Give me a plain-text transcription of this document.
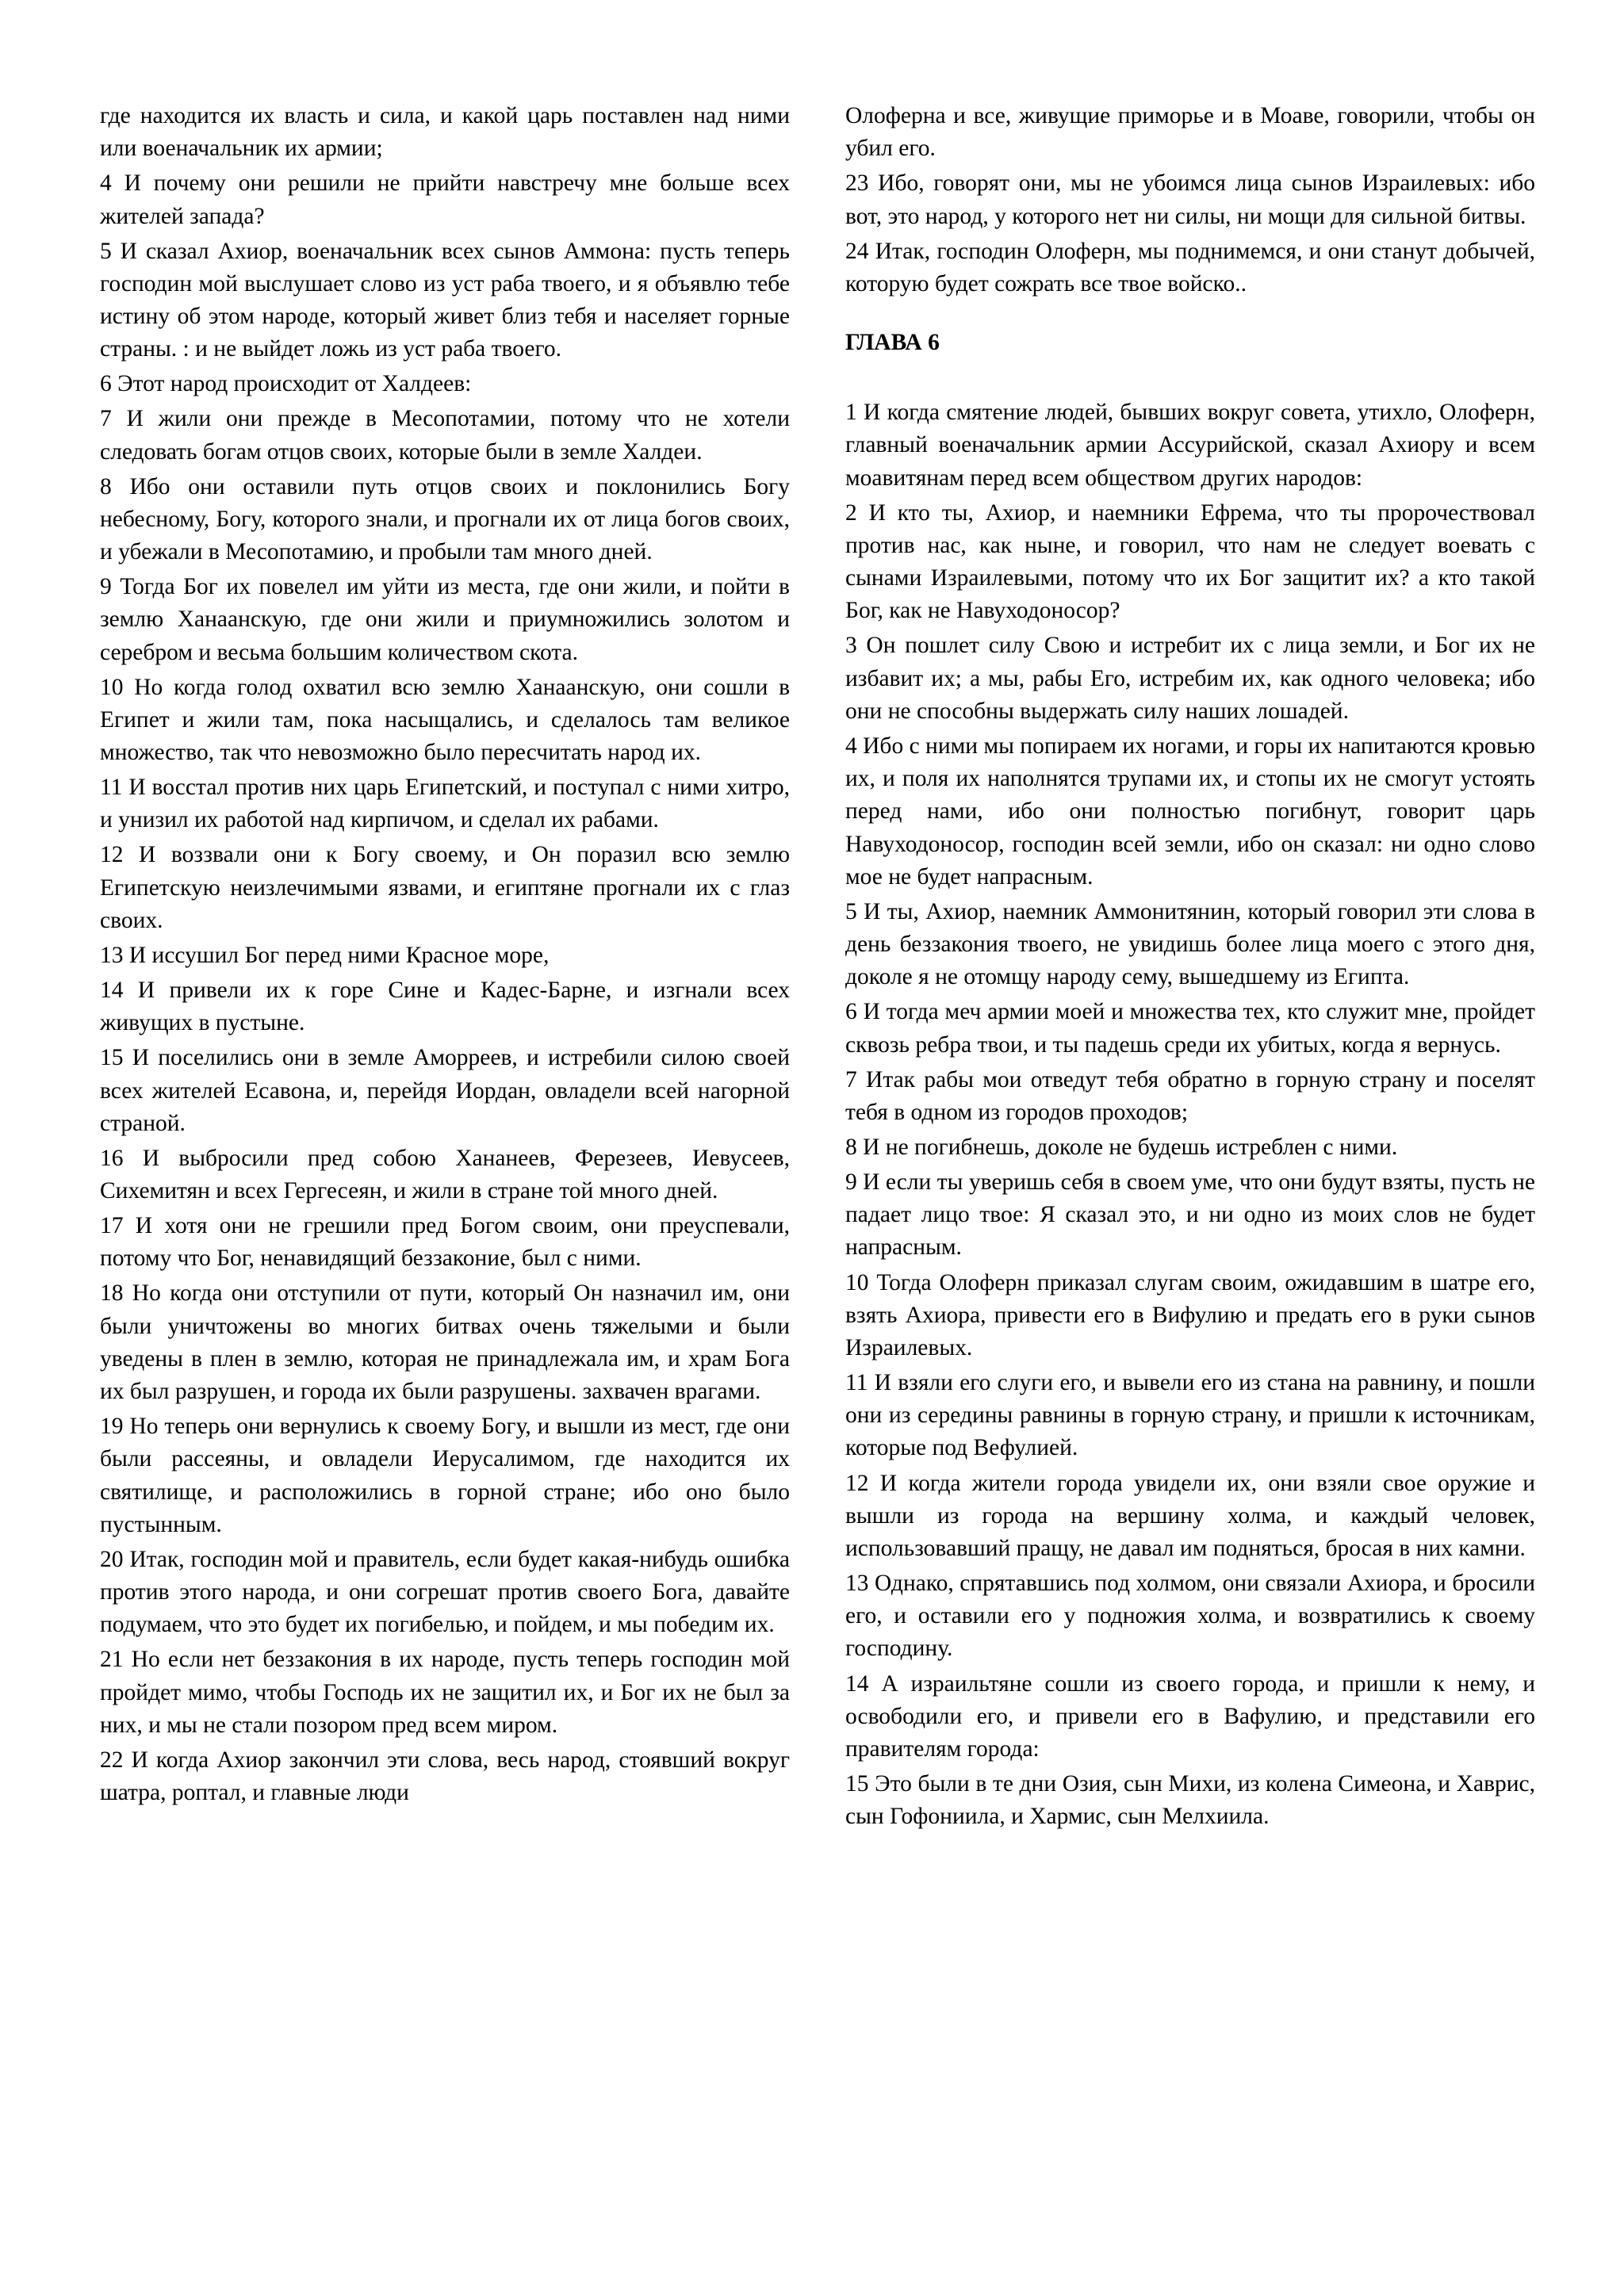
где находится их власть и сила, и какой царь поставлен над ними или военачальник их армии;

4 И почему они решили не прийти навстречу мне больше всех жителей запада?

5 И сказал Ахиор, военачальник всех сынов Аммона: пусть теперь господин мой выслушает слово из уст раба твоего, и я объявлю тебе истину об этом народе, который живет близ тебя и населяет горные страны. : и не выйдет ложь из уст раба твоего.

6 Этот народ происходит от Халдеев:

7 И жили они прежде в Месопотамии, потому что не хотели следовать богам отцов своих, которые были в земле Халдеи.

8 Ибо они оставили путь отцов своих и поклонились Богу небесному, Богу, которого знали, и прогнали их от лица богов своих, и убежали в Месопотамию, и пробыли там много дней.

9 Тогда Бог их повелел им уйти из места, где они жили, и пойти в землю Ханаанскую, где они жили и приумножились золотом и серебром и весьма большим количеством скота.

10 Но когда голод охватил всю землю Ханаанскую, они сошли в Египет и жили там, пока насыщались, и сделалось там великое множество, так что невозможно было пересчитать народ их.

11 И восстал против них царь Египетский, и поступал с ними хитро, и унизил их работой над кирпичом, и сделал их рабами.

12 И воззвали они к Богу своему, и Он поразил всю землю Египетскую неизлечимыми язвами, и египтяне прогнали их с глаз своих.

13 И иссушил Бог перед ними Красное море,

14 И привели их к горе Сине и Кадес-Барне, и изгнали всех живущих в пустыне.

15 И поселились они в земле Аморреев, и истребили силою своей всех жителей Есавона, и, перейдя Иордан, овладели всей нагорной страной.

16 И выбросили пред собою Хананеев, Ферезеев, Иевусеев, Сихемитян и всех Гергесеян, и жили в стране той много дней.

17 И хотя они не грешили пред Богом своим, они преуспевали, потому что Бог, ненавидящий беззаконие, был с ними.

18 Но когда они отступили от пути, который Он назначил им, они были уничтожены во многих битвах очень тяжелыми и были уведены в плен в землю, которая не принадлежала им, и храм Бога их был разрушен, и города их были разрушены. захвачен врагами.

19 Но теперь они вернулись к своему Богу, и вышли из мест, где они были рассеяны, и овладели Иерусалимом, где находится их святилище, и расположились в горной стране; ибо оно было пустынным.

20 Итак, господин мой и правитель, если будет какая-нибудь ошибка против этого народа, и они согрешат против своего Бога, давайте подумаем, что это будет их погибелью, и пойдем, и мы победим их.

21 Но если нет беззакония в их народе, пусть теперь господин мой пройдет мимо, чтобы Господь их не защитил их, и Бог их не был за них, и мы не стали позором пред всем миром.

22 И когда Ахиор закончил эти слова, весь народ, стоявший вокруг шатра, роптал, и главные люди

Олоферна и все, живущие приморье и в Моаве, говорили, чтобы он убил его.

23 Ибо, говорят они, мы не убоимся лица сынов Израилевых: ибо вот, это народ, у которого нет ни силы, ни мощи для сильной битвы.

24 Итак, господин Олоферн, мы поднимемся, и они станут добычей, которую будет сожрать все твое войско..

ГЛАВА 6

1 И когда смятение людей, бывших вокруг совета, утихло, Олоферн, главный военачальник армии Ассурийской, сказал Ахиору и всем моавитянам перед всем обществом других народов:

2 И кто ты, Ахиор, и наемники Ефрема, что ты пророчествовал против нас, как ныне, и говорил, что нам не следует воевать с сынами Израилевыми, потому что их Бог защитит их? а кто такой Бог, как не Навуходоносор?

3 Он пошлет силу Свою и истребит их с лица земли, и Бог их не избавит их; а мы, рабы Его, истребим их, как одного человека; ибо они не способны выдержать силу наших лошадей.

4 Ибо с ними мы попираем их ногами, и горы их напитаются кровью их, и поля их наполнятся трупами их, и стопы их не смогут устоять перед нами, ибо они полностью погибнут, говорит царь Навуходоносор, господин всей земли, ибо он сказал: ни одно слово мое не будет напрасным.

5 И ты, Ахиор, наемник Аммонитянин, который говорил эти слова в день беззакония твоего, не увидишь более лица моего с этого дня, доколе я не отомщу народу сему, вышедшему из Египта.

6 И тогда меч армии моей и множества тех, кто служит мне, пройдет сквозь ребра твои, и ты падешь среди их убитых, когда я вернусь.

7 Итак рабы мои отведут тебя обратно в горную страну и поселят тебя в одном из городов проходов;

8 И не погибнешь, доколе не будешь истреблен с ними.

9 И если ты уверишь себя в своем уме, что они будут взяты, пусть не падает лицо твое: Я сказал это, и ни одно из моих слов не будет напрасным.

10 Тогда Олоферн приказал слугам своим, ожидавшим в шатре его, взять Ахиора, привести его в Вифулию и предать его в руки сынов Израилевых.

11 И взяли его слуги его, и вывели его из стана на равнину, и пошли они из середины равнины в горную страну, и пришли к источникам, которые под Вефулией.

12 И когда жители города увидели их, они взяли свое оружие и вышли из города на вершину холма, и каждый человек, использовавший пращу, не давал им подняться, бросая в них камни.

13 Однако, спрятавшись под холмом, они связали Ахиора, и бросили его, и оставили его у подножия холма, и возвратились к своему господину.

14 А израильтяне сошли из своего города, и пришли к нему, и освободили его, и привели его в Вафулию, и представили его правителям города:

15 Это были в те дни Озия, сын Михи, из колена Симеона, и Хаврис, сын Гофониила, и Хармис, сын Мелхиила.
